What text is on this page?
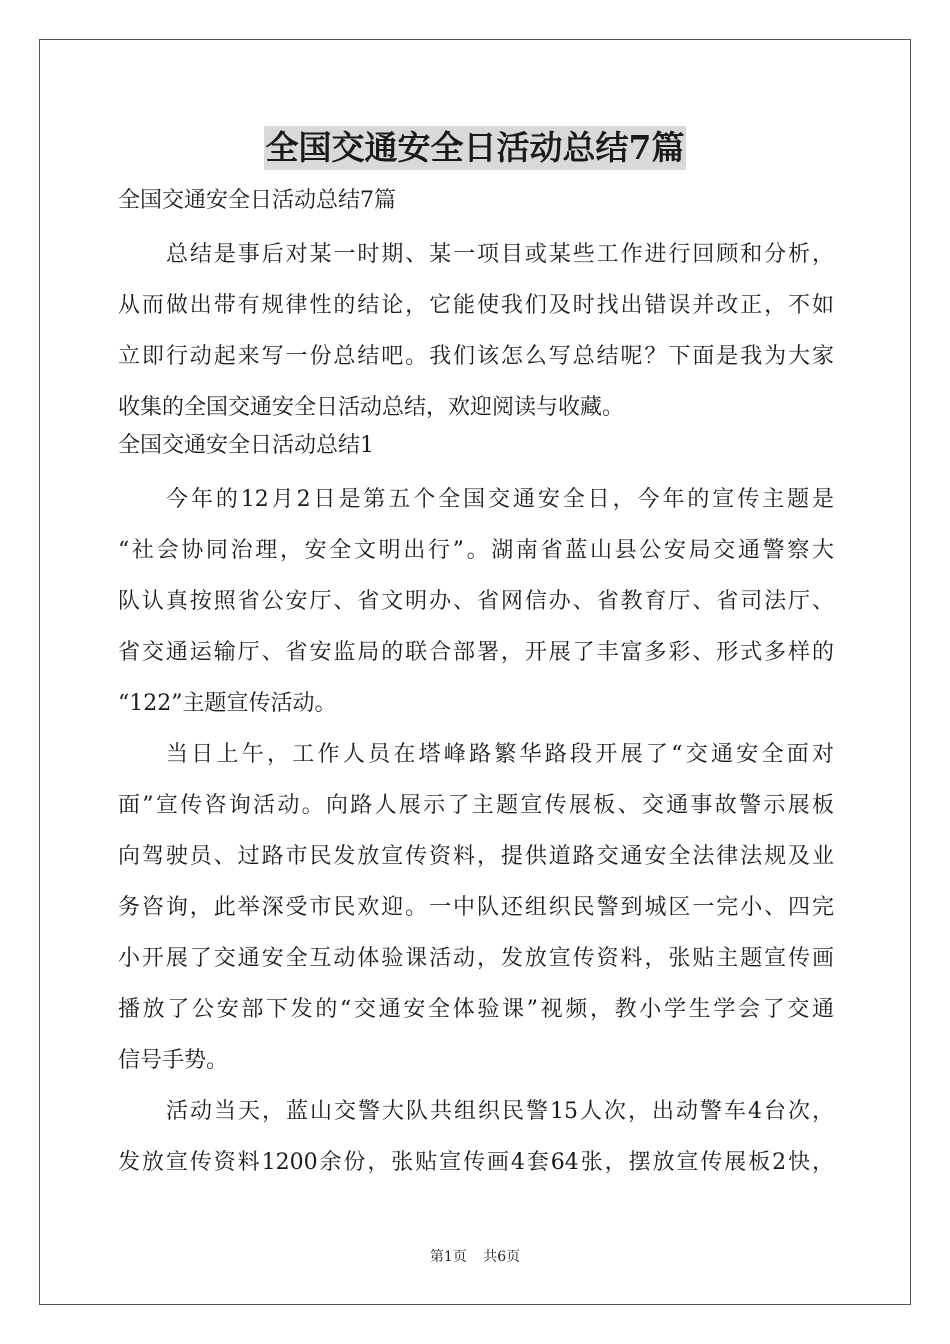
全国交通安全日活动总结7篇
全国交通安全日活动总结7篇
总结是事后对某一时期、某一项目或某些工作进行回顾和分析，
从而做出带有规律性的结论，它能使我们及时找出错误并改正，不如
立即行动起来写一份总结吧。我们该怎么写总结呢？下面是我为大家
收集的全国交通安全日活动总结，欢迎阅读与收藏。
全国交通安全日活动总结1
今年的12月2日是第五个全国交通安全日，今年的宣传主题是
“社会协同治理，安全文明出行”。湖南省蓝山县公安局交通警察大
队认真按照省公安厅、省文明办、省网信办、省教育厅、省司法厅、
省交通运输厅、省安监局的联合部署，开展了丰富多彩、形式多样的
“122”主题宣传活动。
当日上午，工作人员在塔峰路繁华路段开展了“交通安全面对
面”宣传咨询活动。向路人展示了主题宣传展板、交通事故警示展板
向驾驶员、过路市民发放宣传资料，提供道路交通安全法律法规及业
务咨询，此举深受市民欢迎。一中队还组织民警到城区一完小、四完
小开展了交通安全互动体验课活动，发放宣传资料，张贴主题宣传画
播放了公安部下发的“交通安全体验课”视频，教小学生学会了交通
信号手势。
活动当天，蓝山交警大队共组织民警15人次，出动警车4台次，
发放宣传资料1200余份，张贴宣传画4套64张，摆放宣传展板2快，
第1页 共6页
